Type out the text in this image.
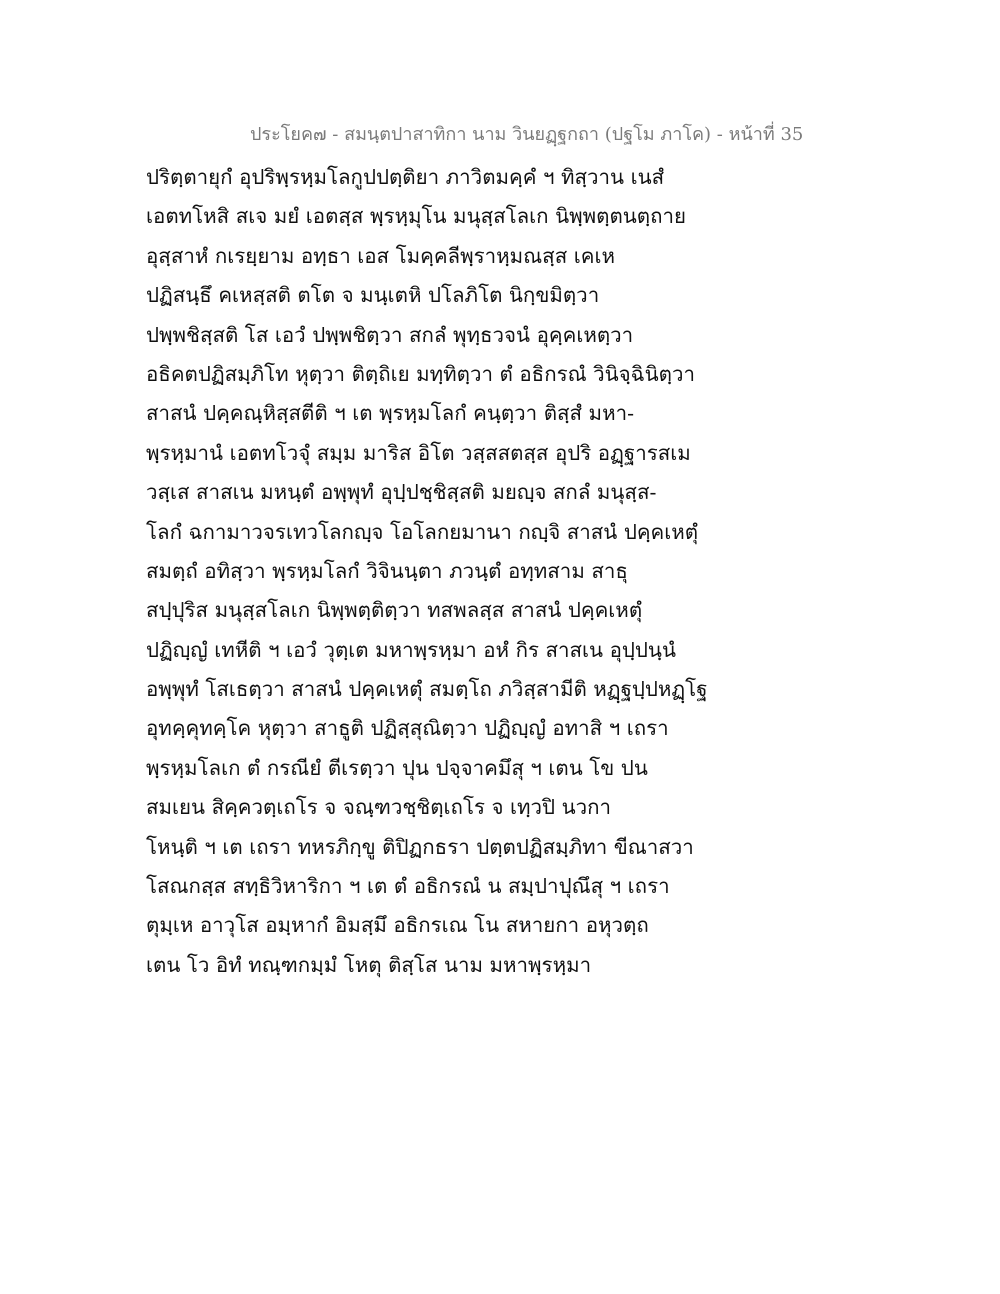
ประโยค๗ - สมนฺตปาสาทิกา นาม วินยฏฺฐกถา (ปฐโม ภาโค) - หน้าที่ 35
ปริตฺตายุกํ อุปริพฺรหฺมโลกูปปตฺติยา ภาวิตมคฺคํ ฯ ทิสฺวาน เนสํ
เอตทโหสิ สเจ มยํ เอตสฺส พฺรหฺมุโน มนุสฺสโลเก นิพฺพตฺตนตฺถาย
อุสฺสาหํ กเรยฺยาม อทฺธา เอส โมคฺคลีพฺราหฺมณสฺส เคเห
ปฏิสนฺธึ คเหสฺสติ ตโต จ มนฺเตหิ ปโลภิโต นิกฺขมิตฺวา
ปพฺพชิสฺสติ โส เอวํ ปพฺพชิตฺวา สกลํ พุทฺธวจนํ อุคฺคเหตฺวา
อธิคตปฏิสมฺภิโท หุตฺวา ติตฺถิเย มทฺทิตฺวา ตํ อธิกรณํ วินิจฺฉินิตฺวา
สาสนํ ปคฺคณฺหิสฺสตีติ ฯ เต พฺรหฺมโลกํ คนฺตฺวา ติสฺสํ มหา-
พฺรหฺมานํ เอตทโวจุํ สมฺม มาริส อิโต วสฺสสตสฺส อุปริ อฏฺฐารสเม
วสฺเส สาสเน มหนฺตํ อพฺพุทํ อุปฺปชฺชิสฺสติ มยญฺจ สกลํ มนุสฺส-
โลกํ ฉกามาวจรเทวโลกญฺจ โอโลกยมานา กญฺจิ สาสนํ ปคฺคเหตุํ
สมตฺถํ อทิสฺวา พฺรหฺมโลกํ วิจินนฺตา ภวนฺตํ อทฺทสาม สาธุ
สปฺปุริส มนุสฺสโลเก นิพฺพตฺติตฺวา ทสพลสฺส สาสนํ ปคฺคเหตุํ
ปฏิญฺญํ เทหีติ ฯ เอวํ วุตฺเต มหาพฺรหฺมา อหํ กิร สาสเน อุปฺปนฺนํ
อพฺพุทํ โสเธตฺวา สาสนํ ปคฺคเหตุํ สมตฺโถ ภวิสฺสามีติ หฏฺฐปฺปหฏฺโฐ
อุทคฺคุทคฺโค หุตฺวา สาธูติ ปฏิสฺสุณิตฺวา ปฏิญฺญํ อทาสิ ฯ เถรา
พฺรหฺมโลเก ตํ กรณียํ ตีเรตฺวา ปุน ปจฺจาคมึสุ ฯ เตน โข ปน
สมเยน สิคฺควตฺเถโร จ จณฺฑวชฺชิตฺเถโร จ เทฺวปิ นวกา
โหนฺติ ฯ เต เถรา ทหรภิกฺขู ติปิฏกธรา ปตฺตปฏิสมฺภิทา ขีณาสวา
โสณกสฺส สทฺธิวิหาริกา ฯ เต ตํ อธิกรณํ น สมฺปาปุณึสุ ฯ เถรา
ตุมฺเห อาวุโส อมฺหากํ อิมสฺมึ อธิกรเณ โน สหายกา อหุวตฺถ
เตน โว อิทํ ทณฺฑกมฺมํ โหตุ ติสฺโส นาม มหาพฺรหฺมา
